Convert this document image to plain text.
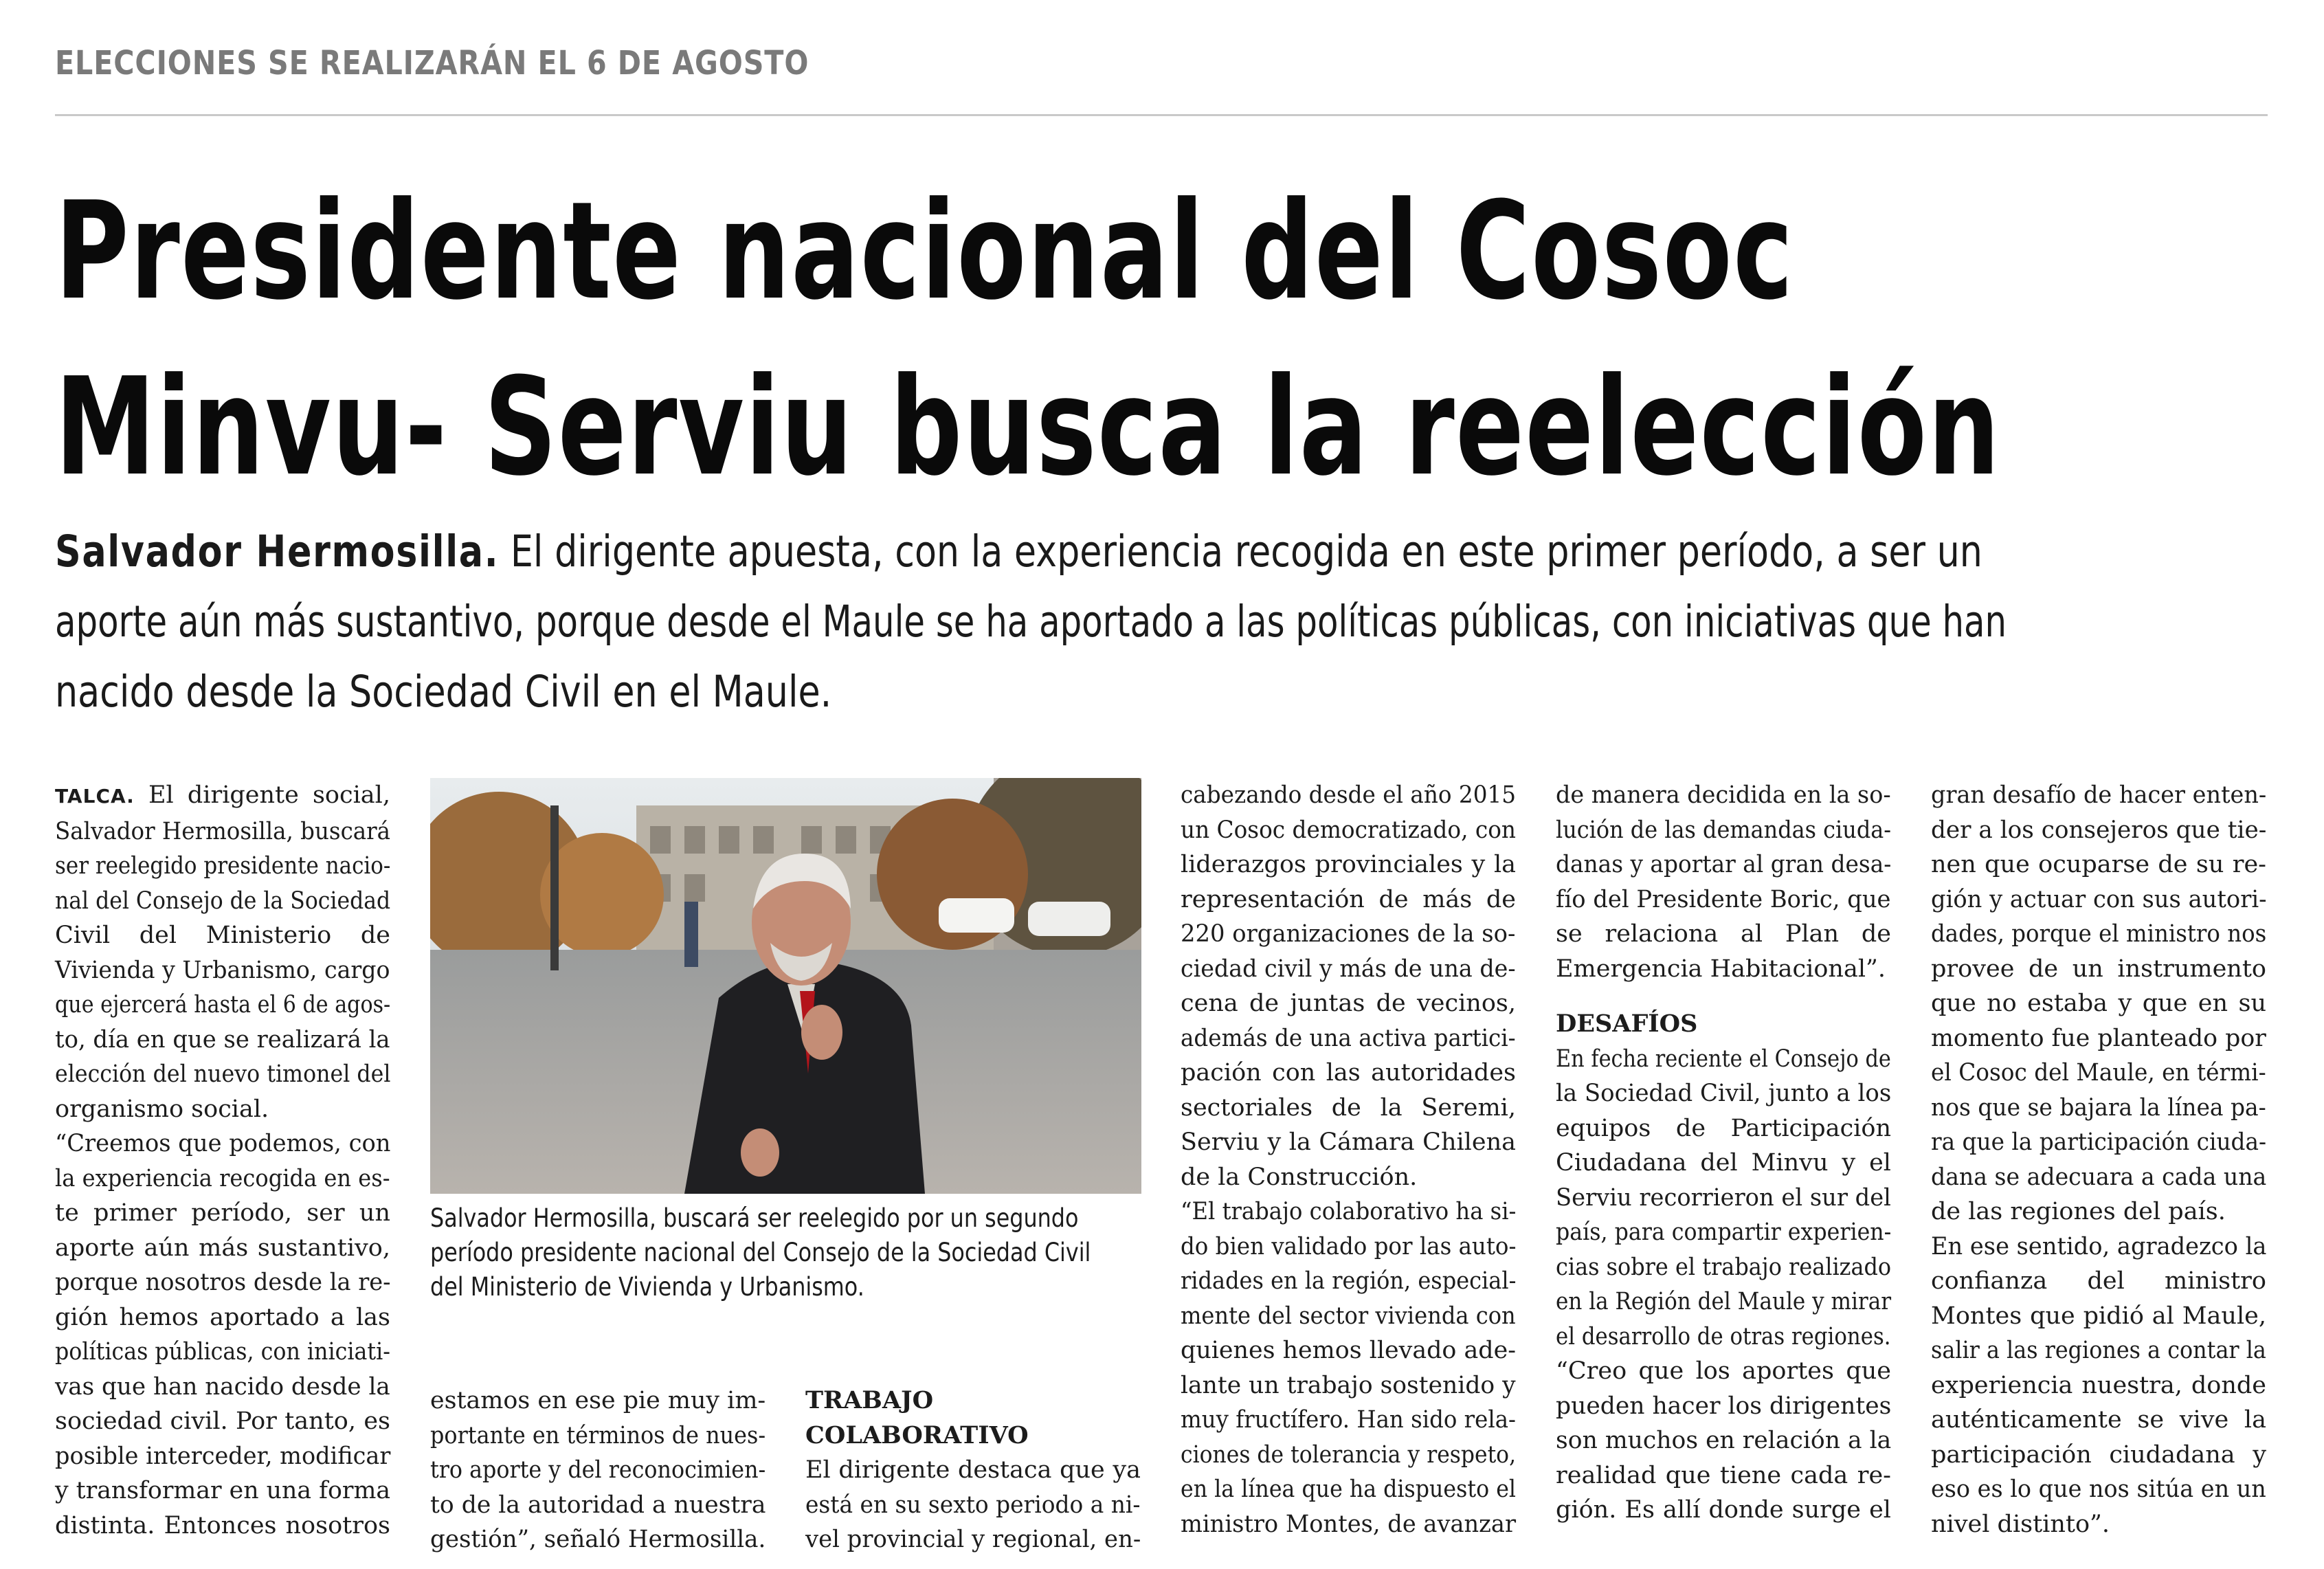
ELECCIONES SE REALIZARÁN EL 6 DE AGOSTO
Presidente nacional del Cosoc
Minvu- Serviu busca la reelección
Salvador Hermosilla. El dirigente apuesta, con la experiencia recogida en este primer período, a ser un
aporte aún más sustantivo, porque desde el Maule se ha aportado a las políticas públicas, con iniciativas que han
nacido desde la Sociedad Civil en el Maule.
TALCA. El dirigente social,
Salvador Hermosilla, buscará
ser reelegido presidente nacio-
nal del Consejo de la Sociedad
Civil del Ministerio de
Vivienda y Urbanismo, cargo
que ejercerá hasta el 6 de agos-
to, día en que se realizará la
elección del nuevo timonel del
organismo social.
“Creemos que podemos, con
la experiencia recogida en es-
te primer período, ser un
aporte aún más sustantivo,
porque nosotros desde la re-
gión hemos aportado a las
políticas públicas, con iniciati-
vas que han nacido desde la
sociedad civil. Por tanto, es
posible interceder, modificar
y transformar en una forma
distinta. Entonces nosotros
Salvador Hermosilla, buscará ser reelegido por un segundo
período presidente nacional del Consejo de la Sociedad Civil
del Ministerio de Vivienda y Urbanismo.
estamos en ese pie muy im-
portante en términos de nues-
tro aporte y del reconocimien-
to de la autoridad a nuestra
gestión”, señaló Hermosilla.
TRABAJO
COLABORATIVO
El dirigente destaca que ya
está en su sexto periodo a ni-
vel provincial y regional, en-
cabezando desde el año 2015
un Cosoc democratizado, con
liderazgos provinciales y la
representación de más de
220 organizaciones de la so-
ciedad civil y más de una de-
cena de juntas de vecinos,
además de una activa partici-
pación con las autoridades
sectoriales de la Seremi,
Serviu y la Cámara Chilena
de la Construcción.
“El trabajo colaborativo ha si-
do bien validado por las auto-
ridades en la región, especial-
mente del sector vivienda con
quienes hemos llevado ade-
lante un trabajo sostenido y
muy fructífero. Han sido rela-
ciones de tolerancia y respeto,
en la línea que ha dispuesto el
ministro Montes, de avanzar
de manera decidida en la so-
lución de las demandas ciuda-
danas y aportar al gran desa-
fío del Presidente Boric, que
se relaciona al Plan de
Emergencia Habitacional”.
DESAFÍOS
En fecha reciente el Consejo de
la Sociedad Civil, junto a los
equipos de Participación
Ciudadana del Minvu y el
Serviu recorrieron el sur del
país, para compartir experien-
cias sobre el trabajo realizado
en la Región del Maule y mirar
el desarrollo de otras regiones.
“Creo que los aportes que
pueden hacer los dirigentes
son muchos en relación a la
realidad que tiene cada re-
gión. Es allí donde surge el
gran desafío de hacer enten-
der a los consejeros que tie-
nen que ocuparse de su re-
gión y actuar con sus autori-
dades, porque el ministro nos
provee de un instrumento
que no estaba y que en su
momento fue planteado por
el Cosoc del Maule, en térmi-
nos que se bajara la línea pa-
ra que la participación ciuda-
dana se adecuara a cada una
de las regiones del país.
En ese sentido, agradezco la
confianza del ministro
Montes que pidió al Maule,
salir a las regiones a contar la
experiencia nuestra, donde
auténticamente se vive la
participación ciudadana y
eso es lo que nos sitúa en un
nivel distinto”.
